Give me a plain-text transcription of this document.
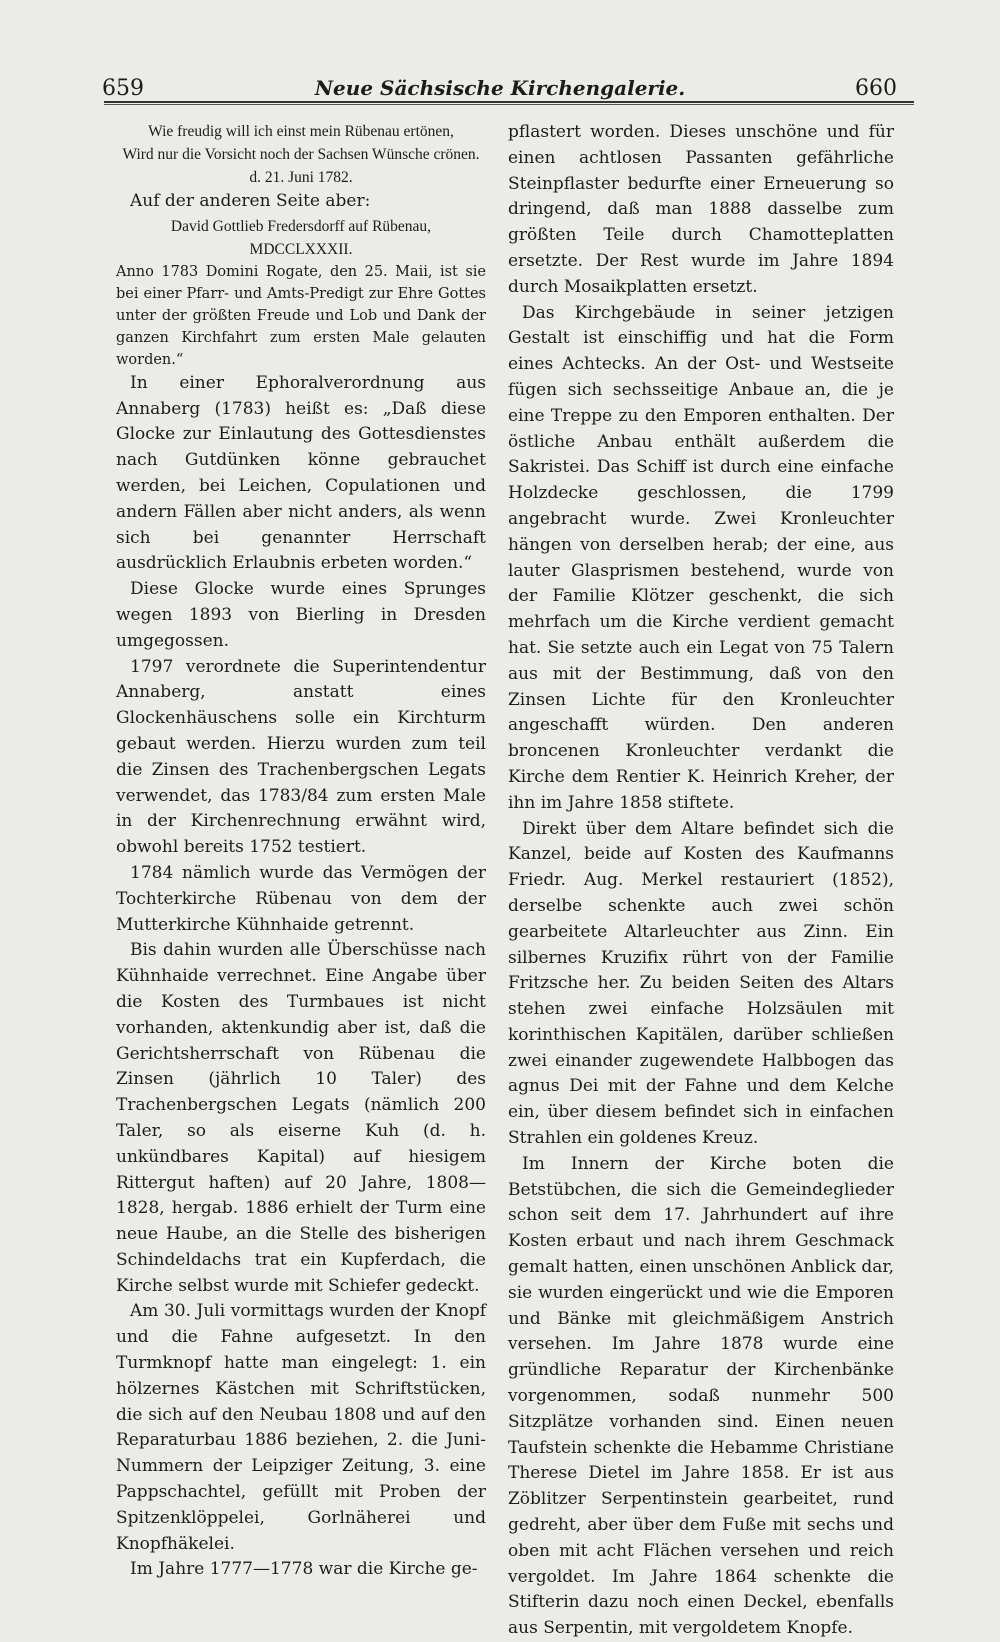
659	Neue Sächsische Kirchengalerie.	660

Wie freudig will ich einst mein Rübenau ertönen,

Wird nur die Vorsicht noch der Sachsen Wünsche crönen.

d. 21. Juni 1782.

Auf der anderen Seite aber:

David Gottlieb Fredersdorff auf Rübenau,

MDCCLXXXII.

Anno 1783 Domini Rogate, den 25. Maii, ist sie bei einer Pfarr- und Amts-Predigt zur Ehre Gottes unter der größten Freude und Lob und Dank der ganzen Kirchfahrt zum ersten Male gelauten worden.“

In einer Ephoralverordnung aus Annaberg (1783) heißt es: „Daß diese Glocke zur Einlautung des Gottesdienstes nach Gutdünken könne gebrauchet werden, bei Leichen, Copulationen und andern Fällen aber nicht anders, als wenn sich bei genannter Herrschaft ausdrücklich Erlaubnis erbeten worden.“

Diese Glocke wurde eines Sprunges wegen 1893 von Bierling in Dresden umgegossen.

1797 verordnete die Superintendentur Annaberg, anstatt eines Glockenhäuschens solle ein Kirchturm gebaut werden. Hierzu wurden zum teil die Zinsen des Trachenbergschen Legats verwendet, das 1783/84 zum ersten Male in der Kirchenrechnung erwähnt wird, obwohl bereits 1752 testiert.

1784 nämlich wurde das Vermögen der Tochterkirche Rübenau von dem der Mutterkirche Kühnhaide getrennt.

Bis dahin wurden alle Überschüsse nach Kühnhaide verrechnet. Eine Angabe über die Kosten des Turmbaues ist nicht vorhanden, aktenkundig aber ist, daß die Gerichtsherrschaft von Rübenau die Zinsen (jährlich 10 Taler) des Trachenbergschen Legats (nämlich 200 Taler, so als eiserne Kuh (d. h. unkündbares Kapital) auf hiesigem Rittergut haften) auf 20 Jahre, 1808—1828, hergab. 1886 erhielt der Turm eine neue Haube, an die Stelle des bisherigen Schindeldachs trat ein Kupferdach, die Kirche selbst wurde mit Schiefer gedeckt.

Am 30. Juli vormittags wurden der Knopf und die Fahne aufgesetzt. In den Turmknopf hatte man eingelegt: 1. ein hölzernes Kästchen mit Schriftstücken, die sich auf den Neubau 1808 und auf den Reparaturbau 1886 beziehen, 2. die Juni-Nummern der Leipziger Zeitung, 3. eine Pappschachtel, gefüllt mit Proben der Spitzenklöppelei, Gorlnäherei und Knopfhäkelei.

Im Jahre 1777—1778 war die Kirche ge-

pflastert worden. Dieses unschöne und für einen achtlosen Passanten gefährliche Steinpflaster bedurfte einer Erneuerung so dringend, daß man 1888 dasselbe zum größten Teile durch Chamotteplatten ersetzte. Der Rest wurde im Jahre 1894 durch Mosaikplatten ersetzt.

Das Kirchgebäude in seiner jetzigen Gestalt ist einschiffig und hat die Form eines Achtecks. An der Ost- und Westseite fügen sich sechsseitige Anbaue an, die je eine Treppe zu den Emporen enthalten. Der östliche Anbau enthält außerdem die Sakristei. Das Schiff ist durch eine einfache Holzdecke geschlossen, die 1799 angebracht wurde. Zwei Kronleuchter hängen von derselben herab; der eine, aus lauter Glasprismen bestehend, wurde von der Familie Klötzer geschenkt, die sich mehrfach um die Kirche verdient gemacht hat. Sie setzte auch ein Legat von 75 Talern aus mit der Bestimmung, daß von den Zinsen Lichte für den Kronleuchter angeschafft würden. Den anderen broncenen Kronleuchter verdankt die Kirche dem Rentier K. Heinrich Kreher, der ihn im Jahre 1858 stiftete.

Direkt über dem Altare befindet sich die Kanzel, beide auf Kosten des Kaufmanns Friedr. Aug. Merkel restauriert (1852), derselbe schenkte auch zwei schön gearbeitete Altarleuchter aus Zinn. Ein silbernes Kruzifix rührt von der Familie Fritzsche her. Zu beiden Seiten des Altars stehen zwei einfache Holzsäulen mit korinthischen Kapitälen, darüber schließen zwei einander zugewendete Halbbogen das agnus Dei mit der Fahne und dem Kelche ein, über diesem befindet sich in einfachen Strahlen ein goldenes Kreuz.

Im Innern der Kirche boten die Betstübchen, die sich die Gemeindeglieder schon seit dem 17. Jahrhundert auf ihre Kosten erbaut und nach ihrem Geschmack gemalt hatten, einen unschönen Anblick dar, sie wurden eingerückt und wie die Emporen und Bänke mit gleichmäßigem Anstrich versehen. Im Jahre 1878 wurde eine gründliche Reparatur der Kirchenbänke vorgenommen, sodaß nunmehr 500 Sitzplätze vorhanden sind. Einen neuen Taufstein schenkte die Hebamme Christiane Therese Dietel im Jahre 1858. Er ist aus Zöblitzer Serpentinstein gearbeitet, rund gedreht, aber über dem Fuße mit sechs und oben mit acht Flächen versehen und reich vergoldet. Im Jahre 1864 schenkte die Stifterin dazu noch einen Deckel, ebenfalls aus Serpentin, mit vergoldetem Knopfe.
